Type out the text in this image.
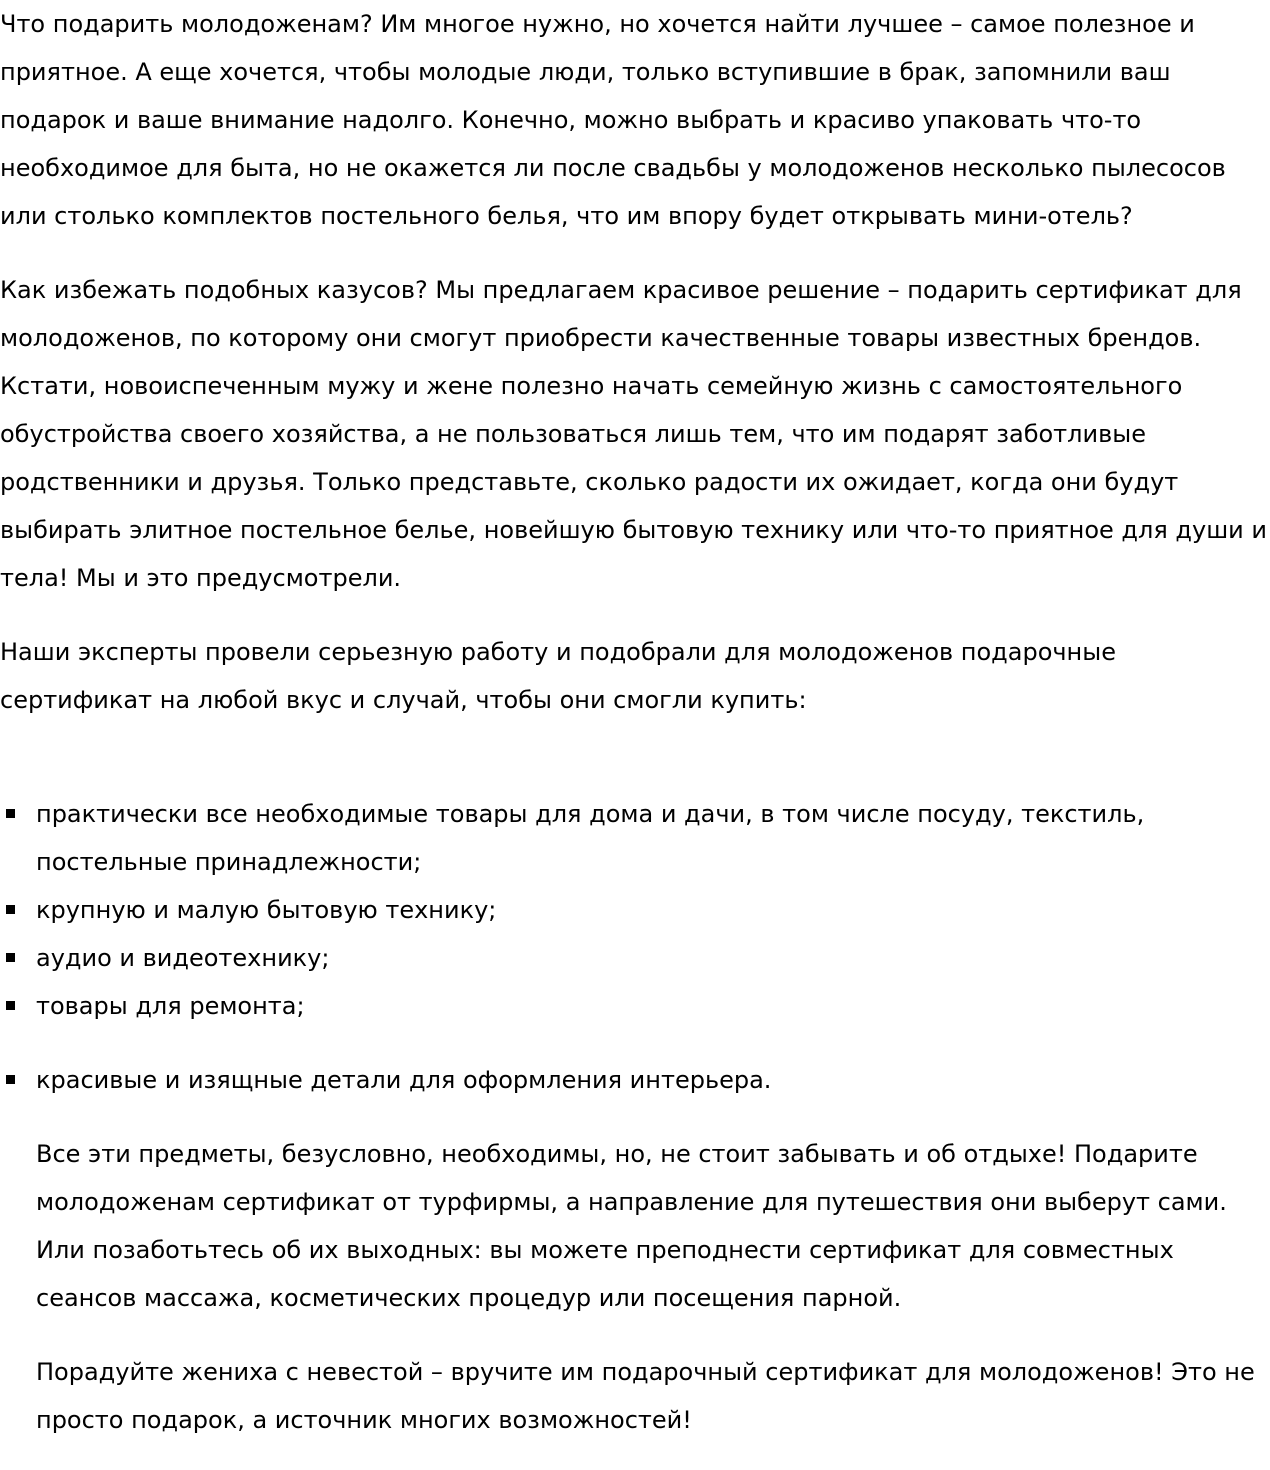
Что подарить молодоженам? Им многое нужно, но хочется найти лучшее – самое полезное и приятное. А еще хочется, чтобы молодые люди, только вступившие в брак, запомнили ваш подарок и ваше внимание надолго. Конечно, можно выбрать и красиво упаковать что-то необходимое для быта, но не окажется ли после свадьбы у молодоженов несколько пылесосов или столько комплектов постельного белья, что им впору будет открывать мини-отель?

Как избежать подобных казусов? Мы предлагаем красивое решение – подарить сертификат для молодоженов, по которому они смогут приобрести качественные товары известных брендов. Кстати, новоиспеченным мужу и жене полезно начать семейную жизнь с самостоятельного обустройства своего хозяйства, а не пользоваться лишь тем, что им подарят заботливые родственники и друзья. Только представьте, сколько радости их ожидает, когда они будут выбирать элитное постельное белье, новейшую бытовую технику или что-то приятное для души и тела! Мы и это предусмотрели.

Наши эксперты провели серьезную работу и подобрали для молодоженов подарочные сертификат на любой вкус и случай, чтобы они смогли купить:

практически все необходимые товары для дома и дачи, в том числе посуду, текстиль, постельные принадлежности;
крупную и малую бытовую технику;
аудио и видеотехнику;
товары для ремонта;
красивые и изящные детали для оформления интерьера.

Все эти предметы, безусловно, необходимы, но, не стоит забывать и об отдыхе! Подарите молодоженам сертификат от турфирмы, а направление для путешествия они выберут сами. Или позаботьтесь об их выходных: вы можете преподнести сертификат для совместных сеансов массажа, косметических процедур или посещения парной.

Порадуйте жениха с невестой – вручите им подарочный сертификат для молодоженов! Это не просто подарок, а источник многих возможностей!
